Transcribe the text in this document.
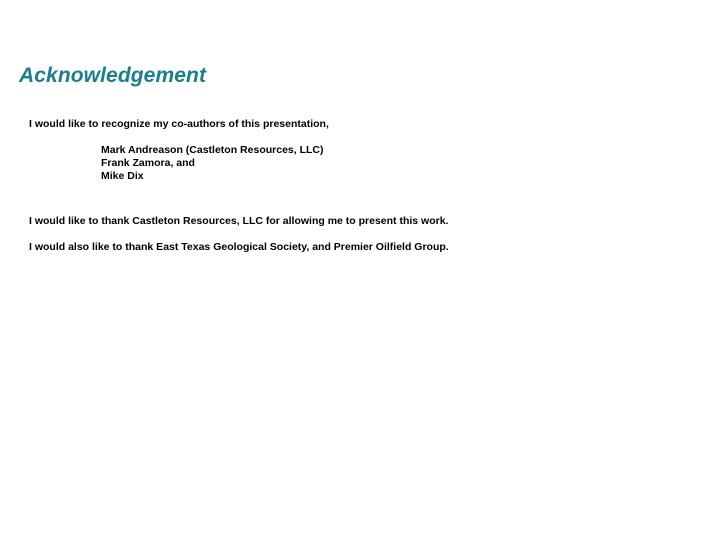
Acknowledgement

I would like to recognize my co-authors of this presentation,

Mark Andreason (Castleton Resources, LLC)
Frank Zamora, and
Mike Dix

I would like to thank Castleton Resources, LLC for allowing me to present this work.

I would also like to thank East Texas Geological Society, and Premier Oilfield Group.
